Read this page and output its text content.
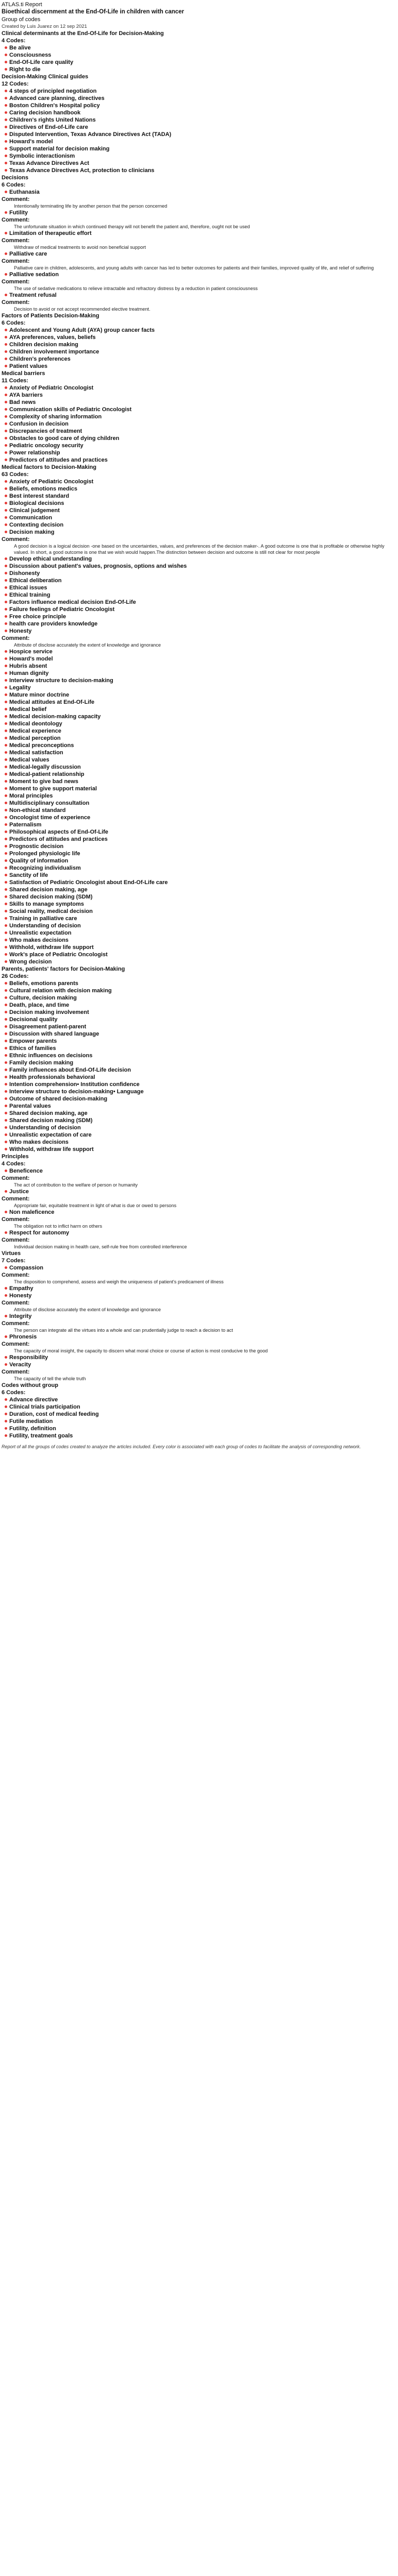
ATLAS.ti Report
Bioethical discernment at the End-Of-Life in children with cancer
Group of codes
Created by Luis Juarez on 12 sep 2021
Clinical determinants at the End-Of-Life for Decision-Making
4 Codes:
Be alive
Consciousness
End-Of-Life care quality
Right to die
Decision-Making Clinical guides
12 Codes:
4 steps of principled negotiation
Advanced care planning, directives
Boston Children's Hospital policy
Caring decision handbook
Children's rights United Nations
Directives of End-of-Life care
Disputed Intervention, Texas Advance Directives Act (TADA)
Howard's model
Support material for decision making
Symbolic interactionism
Texas Advance Directives Act
Texas Advance Directives Act, protection to clinicians
Decisions
6 Codes:
Euthanasia
Comment:
Intentionally terminating life by another person that the person concerned
Futility
Comment:
The unfortunate situation in which continued therapy will not benefit the patient and, therefore, ought not be used
Limitation of therapeutic effort
Comment:
Withdraw of medical treatments to avoid non beneficial support
Palliative care
Comment:
Palliative care in children, adolescents, and young adults with cancer has led to better outcomes for patients and their families, improved quality of life, and relief of suffering
Palliative sedation
Comment:
The use of sedative medications to relieve intractable and refractory distress by a reduction in patient consciousness
Treatment refusal
Comment:
Decision to avoid or not accept recommended elective treatment.
Factors of Patients Decision-Making
6 Codes:
Adolescent and Young Adult (AYA) group cancer facts
AYA preferences, values, beliefs
Children decision making
Children involvement importance
Children's preferences
Patient values
Medical barriers
11 Codes:
Anxiety of Pediatric Oncologist
AYA barriers
Bad news
Communication skills of Pediatric Oncologist
Complexity of sharing information
Confusion in decision
Discrepancies of treatment
Obstacles to good care of dying children
Pediatric oncology security
Power relationship
Predictors of attitudes and practices
Medical factors to Decision-Making
63 Codes:
Anxiety of Pediatric Oncologist
Beliefs, emotions medics
Best interest standard
Biological decisions
Clinical judgement
Communication
Contexting decision
Decision making
Comment:
A good decision is a logical decision -one based on the uncertainties, values, and preferences of the decision maker-. A good outcome is one that is profitable or otherwise highly valued. In short, a good outcome is one that we wish would happen.The distinction between decision and outcome is still not clear for most people
Develop ethical understanding
Discussion about patient's values, prognosis, options and wishes
Dishonesty
Ethical deliberation
Ethical issues
Ethical training
Factors influence medical decision End-Of-Life
Failure feelings of Pediatric Oncologist
Free choice principle
health care providers knowledge
Honesty
Comment:
Attribute of disclose accurately the extent of knowledge and ignorance
Hospice service
Howard's model
Hubris absent
Human dignity
Interview structure to decision-making
Legality
Mature minor doctrine
Medical attitudes at End-Of-Life
Medical belief
Medical decision-making capacity
Medical deontology
Medical experience
Medical perception
Medical preconceptions
Medical satisfaction
Medical values
Medical-legally discussion
Medical-patient relationship
Moment to give bad news
Moment to give support material
Moral principles
Multidisciplinary consultation
Non-ethical standard
Oncologist time of experience
Paternalism
Philosophical aspects of End-Of-Life
Predictors of attitudes and practices
Prognostic decision
Prolonged physiologic life
Quality of information
Recognizing individualism
Sanctity of life
Satisfaction of Pediatric Oncologist about End-Of-Life care
Shared decision making, age
Shared decision making (SDM)
Skills to manage symptoms
Social reality, medical decision
Training in palliative care
Understanding of decision
Unrealistic expectation
Who makes decisions
Withhold, withdraw life support
Work's place of Pediatric Oncologist
Wrong decision
Parents, patients' factors for Decision-Making
26 Codes:
Beliefs, emotions parents
Cultural relation with decision making
Culture, decision making
Death, place, and time
Decision making involvement
Decisional quality
Disagreement patient-parent
Discussion with shared language
Empower parents
Ethics of families
Ethnic influences on decisions
Family decision making
Family influences about End-Of-Life decision
Health professionals behavioral
Intention comprehension• Institution confidence
Interview structure to decision-making• Language
Outcome of shared decision-making
Parental values
Shared decision making, age
Shared decision making (SDM)
Understanding of decision
Unrealistic expectation of care
Who makes decisions
Withhold, withdraw life support
Principles
4 Codes:
Beneficence
Comment:
The act of contribution to the welfare of person or humanity
Justice
Comment:
Appropriate fair, equitable treatment in light of what is due or owed to persons
Non maleficence
Comment:
The obligation not to inflict harm on others
Respect for autonomy
Comment:
Individual decision making in health care, self-rule free from controlled interference
Virtues
7 Codes:
Compassion
Comment:
The disposition to comprehend, assess and weigh the uniqueness of patient's predicament of illness
Empathy
Honesty
Comment:
Attribute of disclose accurately the extent of knowledge and ignorance
Integrity
Comment:
The person can integrate all the virtues into a whole and can prudentially judge to reach a decision to act
Phronesis
Comment:
The capacity of moral insight, the capacity to discern what moral choice or course of action is most conducive to the good
Responsibility
Veracity
Comment:
The capacity of tell the whole truth
Codes without group
6 Codes:
Advance directive
Clinical trials participation
Duration, cost of medical feeding
Futile mediation
Futility, definition
Futility, treatment goals
Report of all the groups of codes created to analyze the articles included. Every color is associated with each group of codes to facilitate the analysis of corresponding network.
